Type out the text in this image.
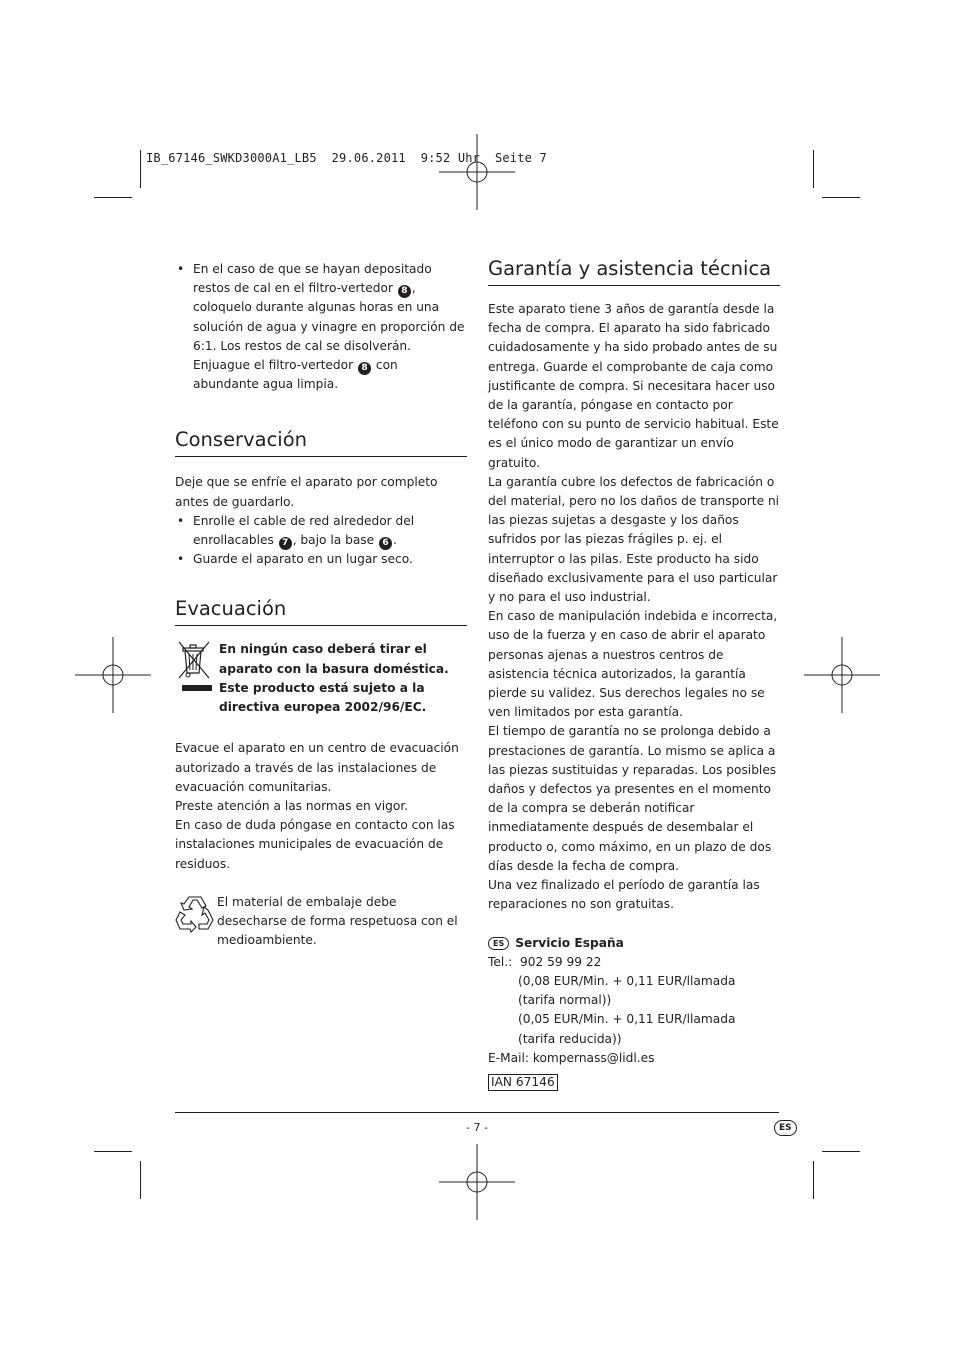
IB_67146_SWKD3000A1_LB5  29.06.2011  9:52 Uhr  Seite 7

• En el caso de que se hayan depositado restos de cal en el filtro-vertedor 8 , coloquelo durante algunas horas en una solución de agua y vinagre en proporción de 6:1. Los restos de cal se disolverán. Enjuague el filtro-vertedor 8 con abundante agua limpia.

Conservación

Deje que se enfríe el aparato por completo antes de guardarlo.

• Enrolle el cable de red alrededor del enrollacables 7 , bajo la base 6 .

• Guarde el aparato en un lugar seco.

Evacuación

En ningún caso deberá tirar el aparato con la basura doméstica. Este producto está sujeto a la directiva europea 2002/96/EC.

Evacue el aparato en un centro de evacuación autorizado a través de las instalaciones de evacuación comunitarias.

Preste atención a las normas en vigor.

En caso de duda póngase en contacto con las instalaciones municipales de evacuación de residuos.

El material de embalaje debe desecharse de forma respetuosa con el medioambiente.

Garantía y asistencia técnica

Este aparato tiene 3 años de garantía desde la fecha de compra. El aparato ha sido fabricado cuidadosamente y ha sido probado antes de su entrega. Guarde el comprobante de caja como justificante de compra. Si necesitara hacer uso de la garantía, póngase en contacto por teléfono con su punto de servicio habitual. Este es el único modo de garantizar un envío gratuito.

La garantía cubre los defectos de fabricación o del material, pero no los daños de transporte ni las piezas sujetas a desgaste y los daños sufridos por las piezas frágiles p. ej. el interruptor o las pilas. Este producto ha sido diseñado exclusivamente para el uso particular y no para el uso industrial.

En caso de manipulación indebida e incorrecta, uso de la fuerza y en caso de abrir el aparato personas ajenas a nuestros centros de asistencia técnica autorizados, la garantía pierde su validez. Sus derechos legales no se ven limitados por esta garantía.

El tiempo de garantía no se prolonga debido a prestaciones de garantía. Lo mismo se aplica a las piezas sustituidas y reparadas. Los posibles daños y defectos ya presentes en el momento de la compra se deberán notificar inmediatamente después de desembalar el producto o, como máximo, en un plazo de dos días desde la fecha de compra.

Una vez finalizado el período de garantía las reparaciones no son gratuitas.

ES Servicio España

Tel.: 902 59 99 22

(0,08 EUR/Min. + 0,11 EUR/llamada

(tarifa normal))

(0,05 EUR/Min. + 0,11 EUR/llamada

(tarifa reducida))

E-Mail: kompernass@lidl.es

IAN 67146
- 7 -	ES
